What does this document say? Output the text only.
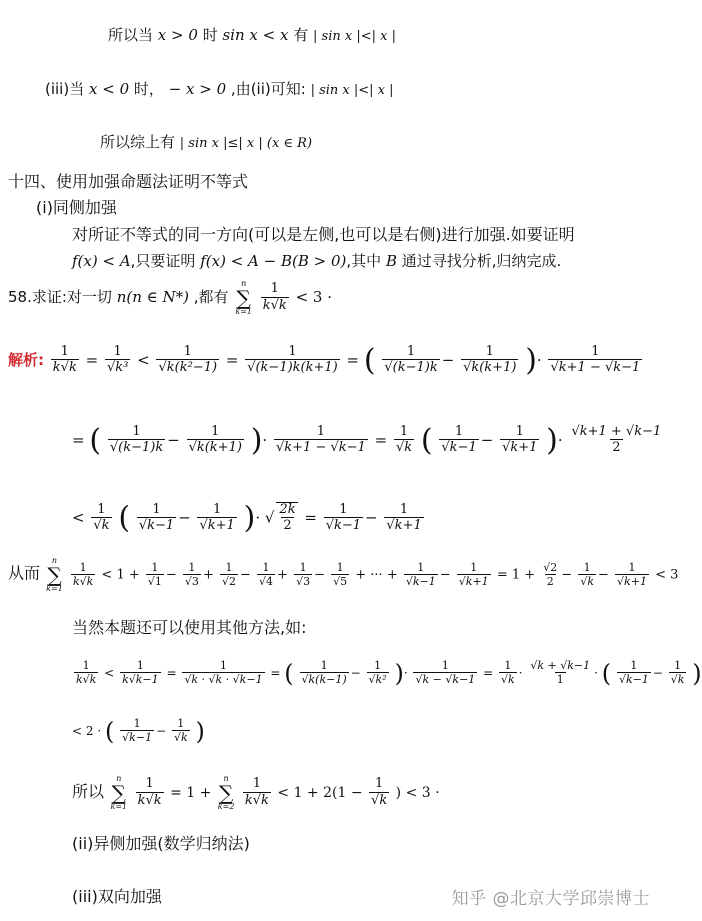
所以当 x > 0 时 sin x < x 有 | sin x |<| x |
(iii)当 x < 0 时， − x > 0 ,由(ii)可知: | sin x |<| x |
所以综上有 | sin x |≤| x | (x ∈ R)
十四、使用加强命题法证明不等式
(i)同侧加强
对所证不等式的同一方向(可以是左侧,也可以是右侧)进行加强.如要证明
f(x) < A,只要证明 f(x) < A − B(B > 0),其中 B 通过寻找分析,归纳完成.
58.求证:对一切 n(n ∈ N*) ,都有
n
∑
k=1
$\frac{1}{k√k} < 3$ ·
解析: $\frac{1}{k√k} = \frac{1}{\text{√k³}} < \frac{1}{\text{√k(k²−1)}} = \frac{1}{√(k-1)k(k+1)}$ = ( $\frac{1}{√(k-1)k} - \frac{1}{√k(k+1)}$ )· $\frac{1}{√k+1 - √k-1}$
= ( $\frac{1}{√(k-1)k} - \frac{1}{√k(k+1)}$ )· $\frac{1}{√k+1 - √k-1} = \frac{1}{√k}$ ( $\frac{1}{√k-1} - \frac{1}{√k+1}$ )· $\frac{√k+1 + √k-1}{2}$
< $\frac{1}{√k}$ ( $\frac{1}{√k-1} - \frac{1}{√k+1}$ )· √ $\frac{2k}{2} = \frac{1}{√k-1} - \frac{1}{√k+1}$
从而
n
∑
k=1

$\frac{1}{k√k} < 1 + \frac{1}{√1} - \frac{1}{√3} + \frac{1}{√2} - \frac{1}{√4} + \frac{1}{√3} - \frac{1}{√5}$ + ··· + $\frac{1}{√k-1} - \frac{1}{√k+1} = 1 + \frac{√2}{2} - \frac{1}{√k} - \frac{1}{√k+1} < 3$
当然本题还可以使用其他方法,如:
$\frac{1}{k√k} < \frac{1}{k√k-1} = \frac{1}{√k \cdot √k \cdot √k-1}$ = ( $\frac{1}{√k(k-1)} - \frac{1}{\text{√k²}}$ )· $\frac{1}{√k - √k-1} = \frac{1}{√k} \cdot \frac{√k + √k-1}{1}$ · ( $\frac{1}{√k-1} - \frac{1}{√k}$ )
< 2 · ( $\frac{1}{√k-1} - \frac{1}{√k}$ )
所以
n
∑
k=1
$\frac{1}{k√k} = 1$ +
n
∑
k=2
$\frac{1}{k√k} < 1 + 2(1 - \frac{1}{√k}$ ) < 3 ·
(ii)异侧加强(数学归纳法)
(iii)双向加强	知乎 @北京大学邱崇博士
